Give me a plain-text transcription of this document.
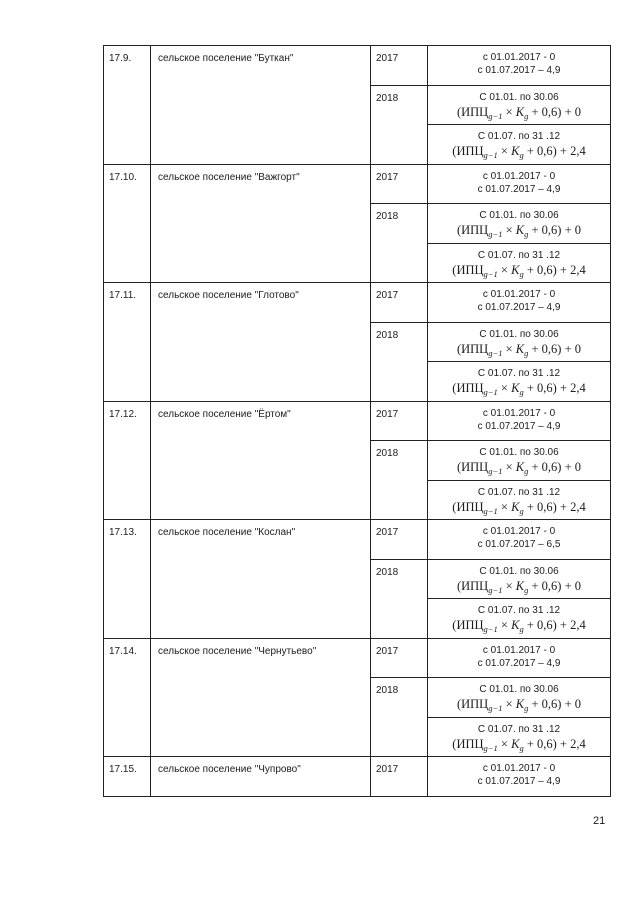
17.9.	сельское поселение "Буткан"	2017	с 01.01.2017 - 0
с 01.07.2017 – 4,9

		2018	С 01.01. по 30.06
$(ИПЦ_{g-1} \times K_g + 0,6) + 0$

			С 01.07. по 31 .12
$(ИПЦ_{g-1} \times K_g + 0,6) + 2,4$

17.10.	сельское поселение "Важгорт"	2017	с 01.01.2017 - 0
с 01.07.2017 – 4,9

		2018	С 01.01. по 30.06
$(ИПЦ_{g-1} \times K_g + 0,6) + 0$

			С 01.07. по 31 .12
$(ИПЦ_{g-1} \times K_g + 0,6) + 2,4$

17.11.	сельское поселение "Глотово"	2017	с 01.01.2017 - 0
с 01.07.2017 – 4,9

		2018	С 01.01. по 30.06
$(ИПЦ_{g-1} \times K_g + 0,6) + 0$

			С 01.07. по 31 .12
$(ИПЦ_{g-1} \times K_g + 0,6) + 2,4$

17.12.	сельское поселение "Ёртом"	2017	с 01.01.2017 - 0
с 01.07.2017 – 4,9

		2018	С 01.01. по 30.06
$(ИПЦ_{g-1} \times K_g + 0,6) + 0$

			С 01.07. по 31 .12
$(ИПЦ_{g-1} \times K_g + 0,6) + 2,4$

17.13.	сельское поселение "Кослан"	2017	с 01.01.2017 - 0
с 01.07.2017 – 6,5

		2018	С 01.01. по 30.06
$(ИПЦ_{g-1} \times K_g + 0,6) + 0$

			С 01.07. по 31 .12
$(ИПЦ_{g-1} \times K_g + 0,6) + 2,4$

17.14.	сельское поселение "Чернутьево"	2017	с 01.01.2017 - 0
с 01.07.2017 – 4,9

		2018	С 01.01. по 30.06
$(ИПЦ_{g-1} \times K_g + 0,6) + 0$

			С 01.07. по 31 .12
$(ИПЦ_{g-1} \times K_g + 0,6) + 2,4$

17.15.	сельское поселение "Чупрово"	2017	с 01.01.2017 - 0
с 01.07.2017 – 4,9
21
